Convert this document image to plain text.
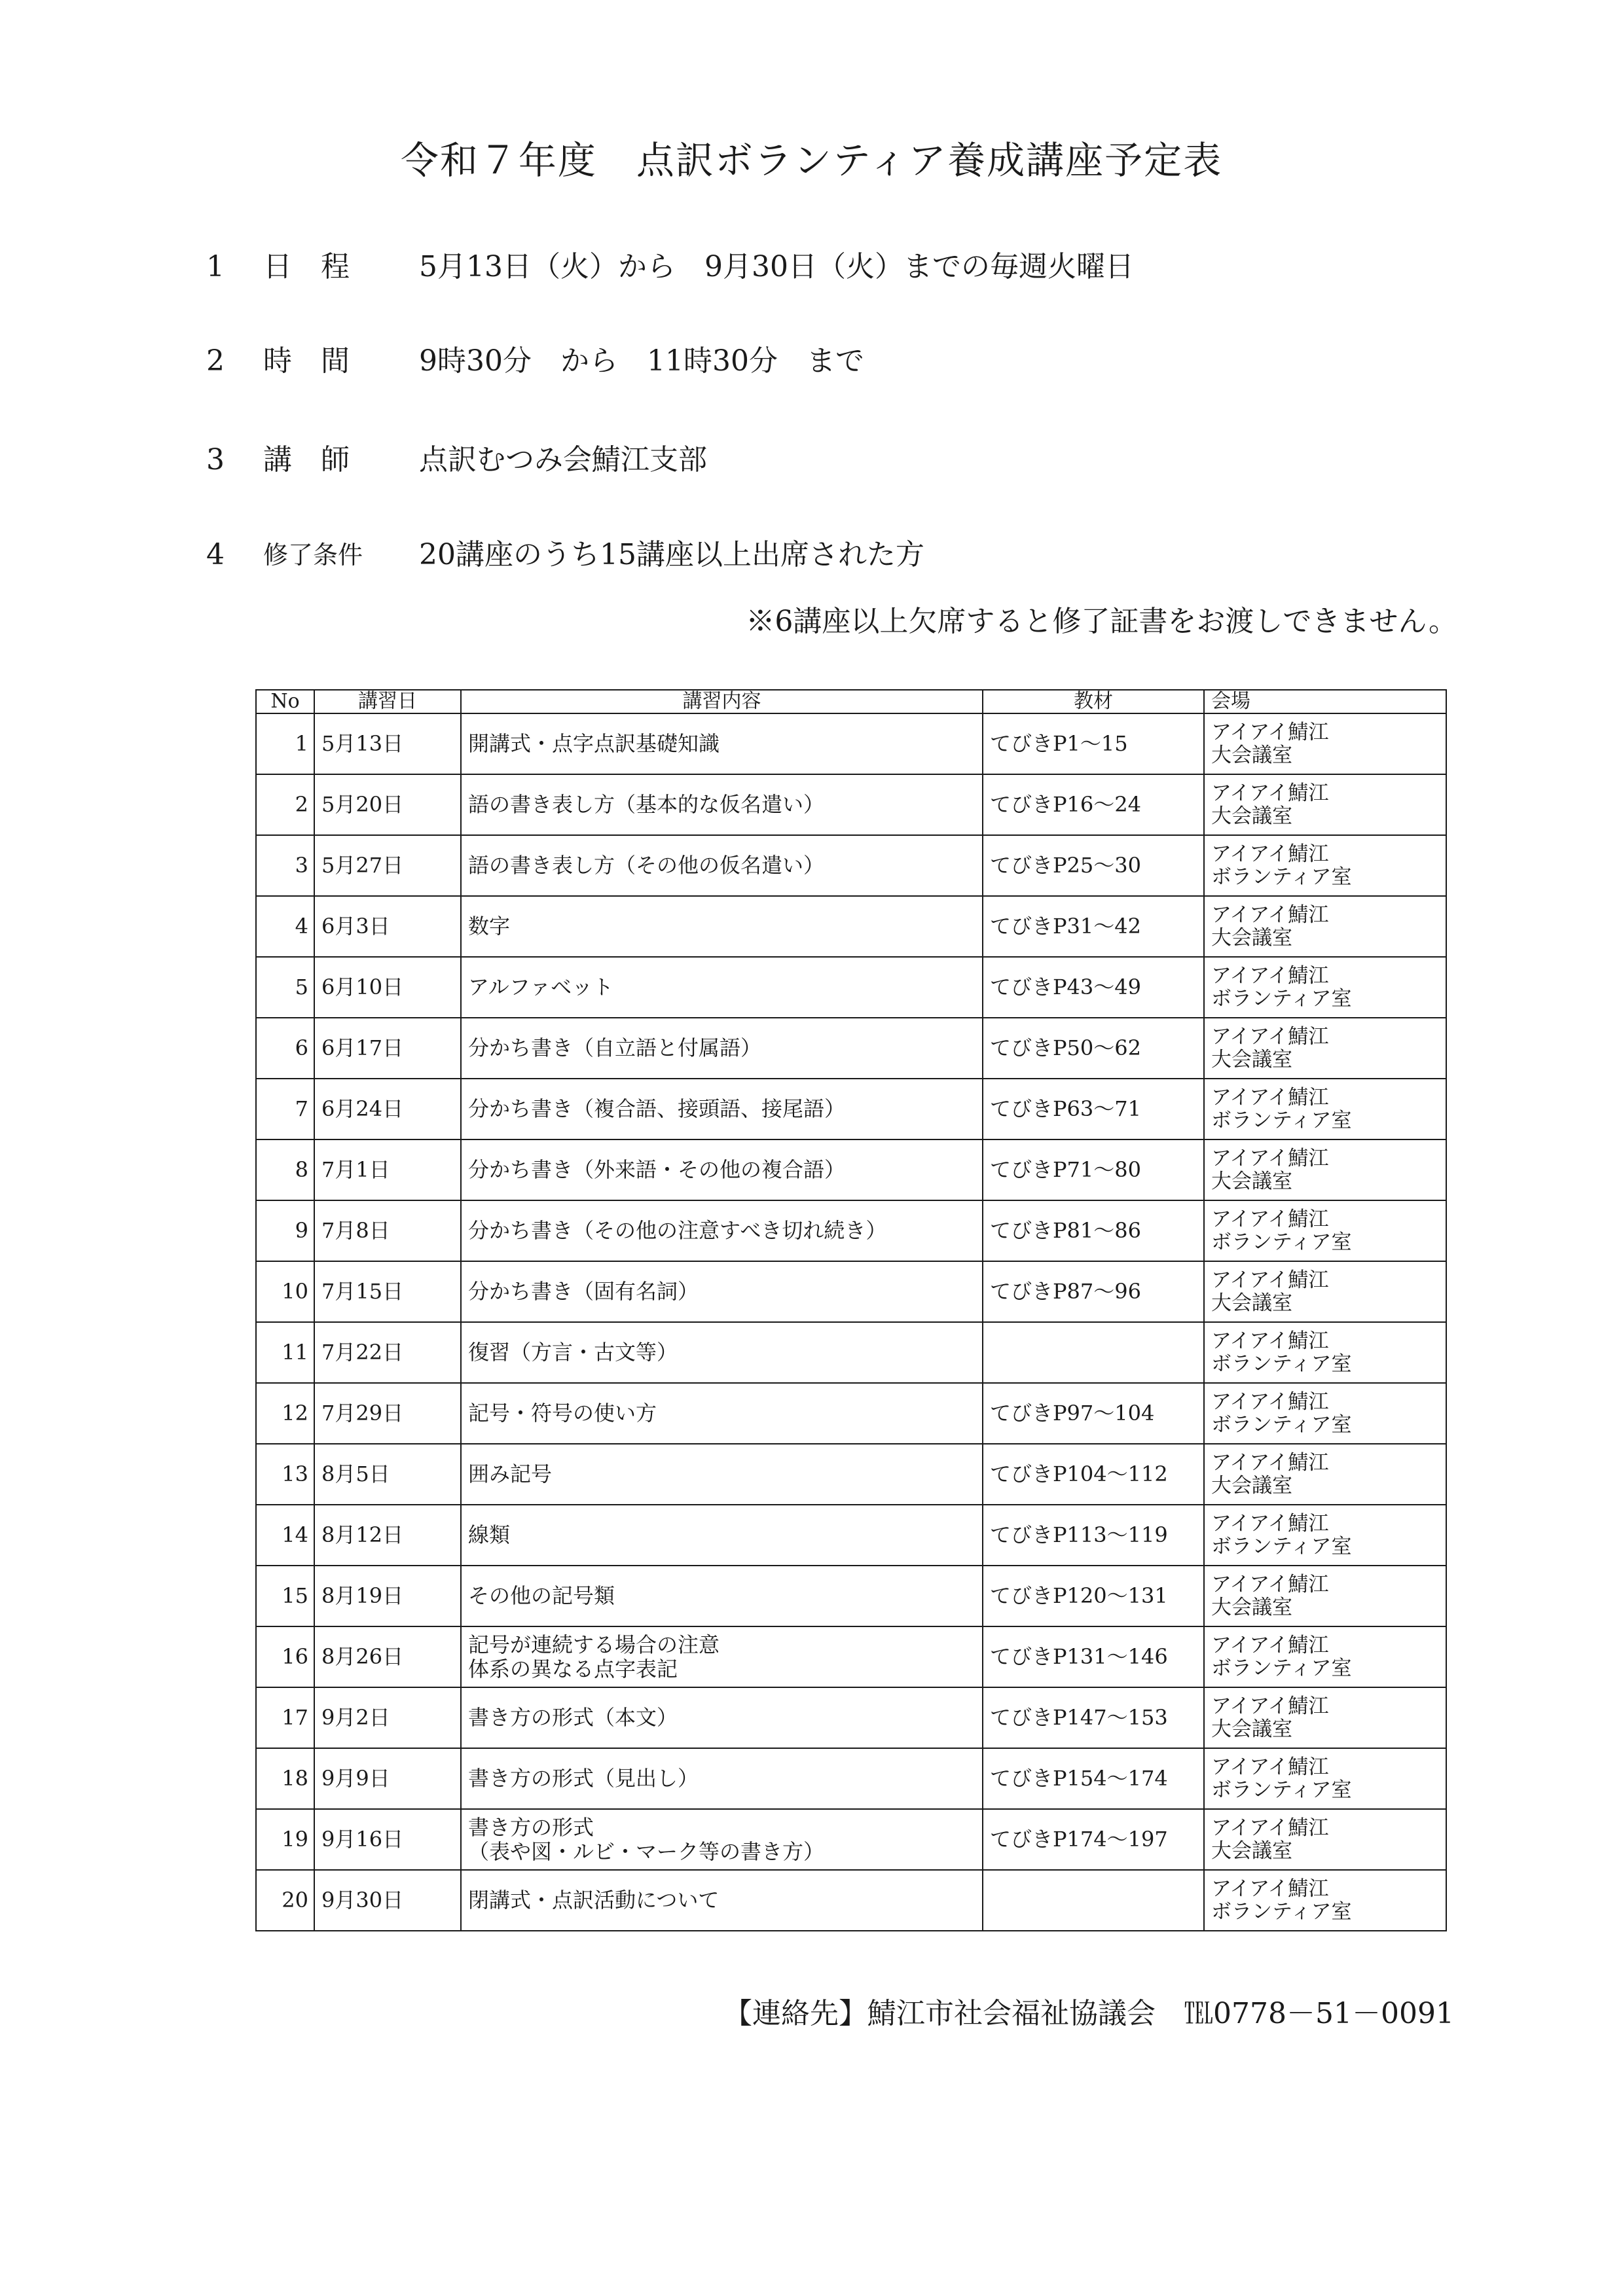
令和７年度　点訳ボランティア養成講座予定表
1 日　程 5月13日（火）から　9月30日（火）までの毎週火曜日
2 時　間 9時30分　から　11時30分　まで
3 講　師 点訳むつみ会鯖江支部
4 修了条件 20講座のうち15講座以上出席された方
※6講座以上欠席すると修了証書をお渡しできません。
No	講習日	講習内容	教材	会場
1	5月13日	開講式・点字点訳基礎知識	てびきP1～15	アイアイ鯖江
大会議室
2	5月20日	語の書き表し方（基本的な仮名遣い）	てびきP16～24	アイアイ鯖江
大会議室
3	5月27日	語の書き表し方（その他の仮名遣い）	てびきP25～30	アイアイ鯖江
ボランティア室
4	6月3日	数字	てびきP31～42	アイアイ鯖江
大会議室
5	6月10日	アルファベット	てびきP43～49	アイアイ鯖江
ボランティア室
6	6月17日	分かち書き（自立語と付属語）	てびきP50～62	アイアイ鯖江
大会議室
7	6月24日	分かち書き（複合語、接頭語、接尾語）	てびきP63～71	アイアイ鯖江
ボランティア室
8	7月1日	分かち書き（外来語・その他の複合語）	てびきP71～80	アイアイ鯖江
大会議室
9	7月8日	分かち書き（その他の注意すべき切れ続き）	てびきP81～86	アイアイ鯖江
ボランティア室
10	7月15日	分かち書き（固有名詞）	てびきP87～96	アイアイ鯖江
大会議室
11	7月22日	復習（方言・古文等）		アイアイ鯖江
ボランティア室
12	7月29日	記号・符号の使い方	てびきP97～104	アイアイ鯖江
ボランティア室
13	8月5日	囲み記号	てびきP104～112	アイアイ鯖江
大会議室
14	8月12日	線類	てびきP113～119	アイアイ鯖江
ボランティア室
15	8月19日	その他の記号類	てびきP120～131	アイアイ鯖江
大会議室
16	8月26日	記号が連続する場合の注意
体系の異なる点字表記	てびきP131～146	アイアイ鯖江
ボランティア室
17	9月2日	書き方の形式（本文）	てびきP147～153	アイアイ鯖江
大会議室
18	9月9日	書き方の形式（見出し）	てびきP154～174	アイアイ鯖江
ボランティア室
19	9月16日	書き方の形式
（表や図・ルビ・マーク等の書き方）	てびきP174～197	アイアイ鯖江
大会議室
20	9月30日	閉講式・点訳活動について		アイアイ鯖江
ボランティア室
【連絡先】鯖江市社会福祉協議会　℡0778－51－0091
